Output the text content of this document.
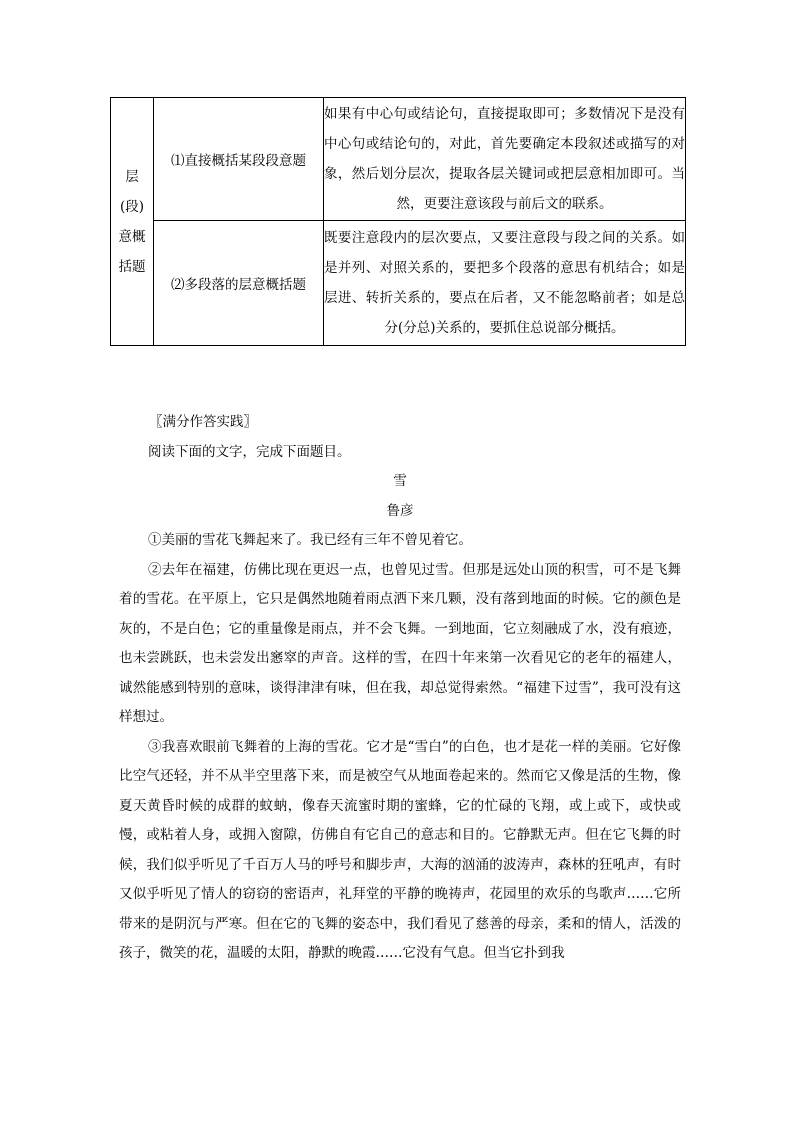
层
(段)
意概
括题	⑴直接概括某段段意题	如果有中心句或结论句，直接提取即可；多数情况下是没有中心句或结论句的，对此，首先要确定本段叙述或描写的对象，然后划分层次，提取各层关键词或把层意相加即可。当然，更要注意该段与前后文的联系。
	⑵多段落的层意概括题	既要注意段内的层次要点，又要注意段与段之间的关系。如是并列、对照关系的，要把多个段落的意思有机结合；如是层进、转折关系的，要点在后者，又不能忽略前者；如是总分(分总)关系的，要抓住总说部分概括。

〖满分作答实践〗

阅读下面的文字，完成下面题目。

雪

鲁彦

①美丽的雪花飞舞起来了。我已经有三年不曾见着它。

②去年在福建，仿佛比现在更迟一点，也曾见过雪。但那是远处山顶的积雪，可不是飞舞着的雪花。在平原上，它只是偶然地随着雨点洒下来几颗，没有落到地面的时候。它的颜色是灰的，不是白色；它的重量像是雨点，并不会飞舞。一到地面，它立刻融成了水，没有痕迹，也未尝跳跃，也未尝发出窸窣的声音。这样的雪，在四十年来第一次看见它的老年的福建人，诚然能感到特别的意味，谈得津津有味，但在我，却总觉得索然。“福建下过雪”，我可没有这样想过。

③我喜欢眼前飞舞着的上海的雪花。它才是“雪白”的白色，也才是花一样的美丽。它好像比空气还轻，并不从半空里落下来，而是被空气从地面卷起来的。然而它又像是活的生物，像夏天黄昏时候的成群的蚊蚋，像春天流蜜时期的蜜蜂，它的忙碌的飞翔，或上或下，或快或慢，或粘着人身，或拥入窗隙，仿佛自有它自己的意志和目的。它静默无声。但在它飞舞的时候，我们似乎听见了千百万人马的呼号和脚步声，大海的汹涌的波涛声，森林的狂吼声，有时又似乎听见了情人的窃窃的密语声，礼拜堂的平静的晚祷声，花园里的欢乐的鸟歌声……它所带来的是阴沉与严寒。但在它的飞舞的姿态中，我们看见了慈善的母亲，柔和的情人，活泼的孩子，微笑的花，温暖的太阳，静默的晚霞……它没有气息。但当它扑到我
